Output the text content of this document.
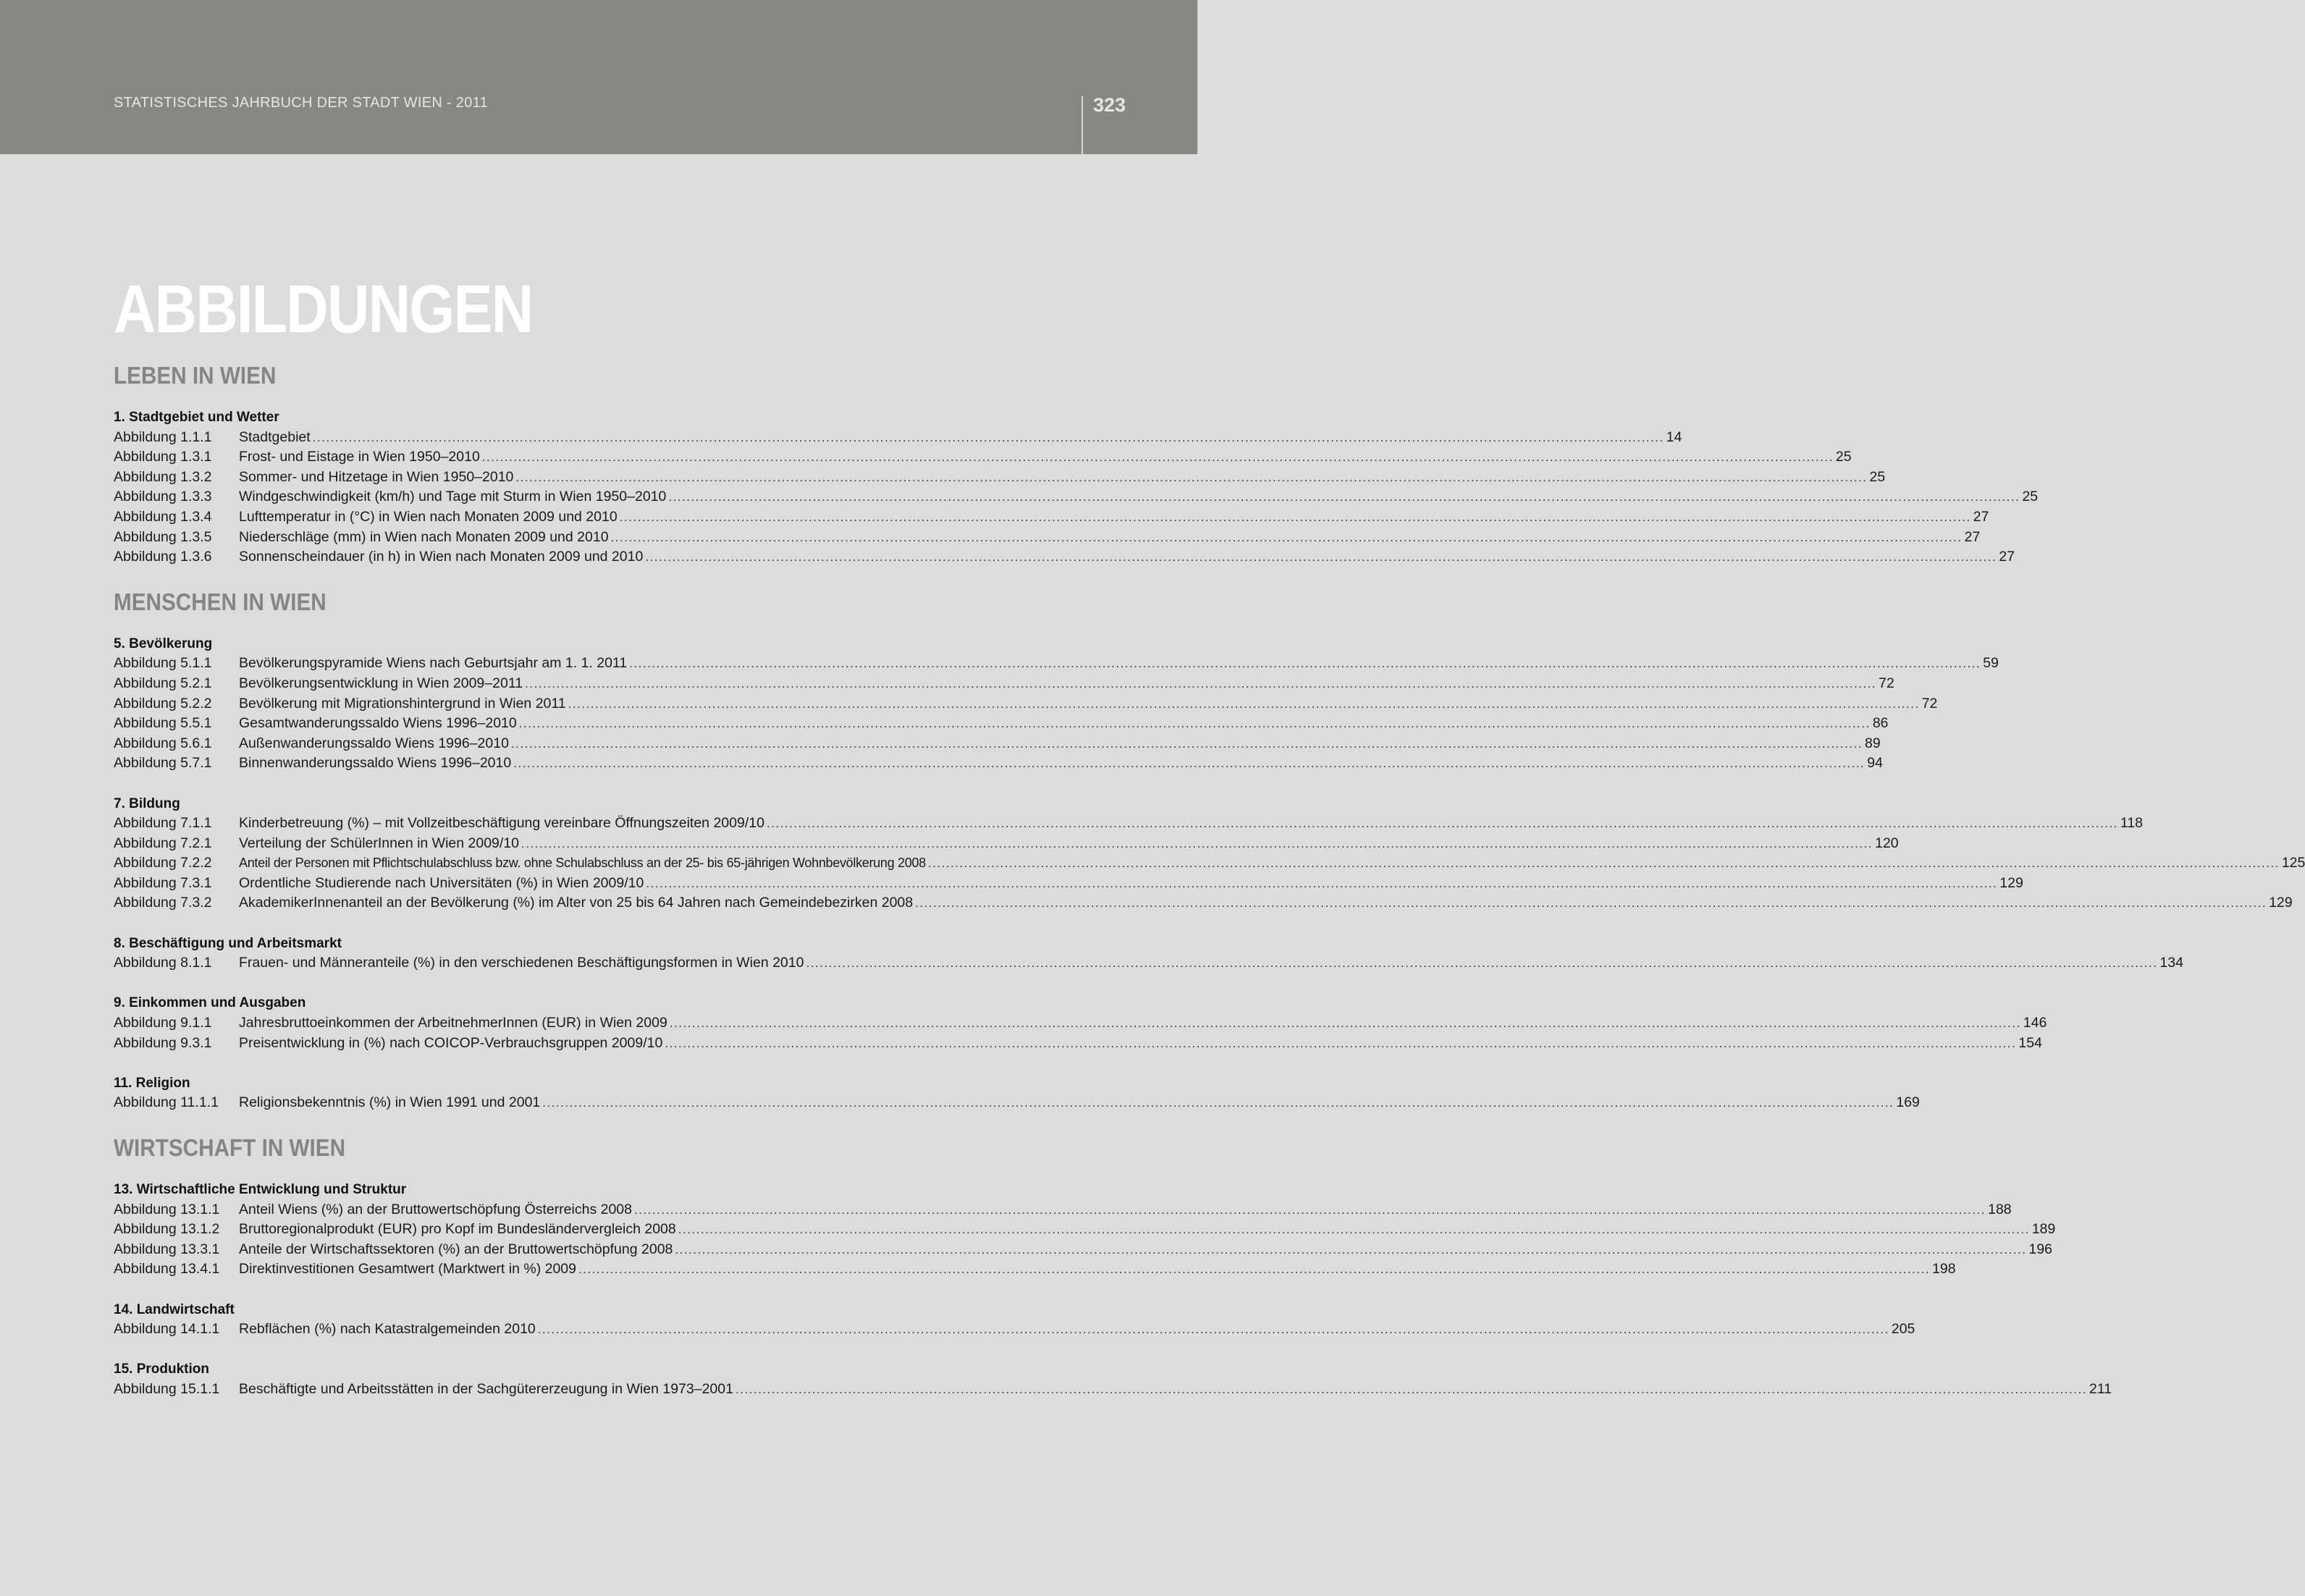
STATISTISCHES JAHRBUCH DER STADT WIEN - 2011	323
ABBILDUNGEN
LEBEN IN WIEN
1. Stadtgebiet und Wetter
Abbildung 1.1.1	Stadtgebiet .....	14
Abbildung 1.3.1	Frost- und Eistage in Wien 1950–2010 .....	25
Abbildung 1.3.2	Sommer- und Hitzetage in Wien 1950–2010 .....	25
Abbildung 1.3.3	Windgeschwindigkeit (km/h) und Tage mit Sturm in Wien 1950–2010 .....	25
Abbildung 1.3.4	Lufttemperatur in (°C) in Wien nach Monaten 2009 und 2010 .....	27
Abbildung 1.3.5	Niederschläge (mm) in Wien nach Monaten 2009 und 2010 .....	27
Abbildung 1.3.6	Sonnenscheindauer (in h) in Wien nach Monaten 2009 und 2010 .....	27
MENSCHEN IN WIEN
5. Bevölkerung
Abbildung 5.1.1	Bevölkerungspyramide Wiens nach Geburtsjahr am 1. 1. 2011 .....	59
Abbildung 5.2.1	Bevölkerungsentwicklung in Wien 2009–2011 .....	72
Abbildung 5.2.2	Bevölkerung mit Migrationshintergrund in Wien 2011 .....	72
Abbildung 5.5.1	Gesamtwanderungssaldo Wiens 1996–2010 .....	86
Abbildung 5.6.1	Außenwanderungssaldo Wiens 1996–2010 .....	89
Abbildung 5.7.1	Binnenwanderungssaldo Wiens 1996–2010 .....	94
7. Bildung
Abbildung 7.1.1	Kinderbetreuung (%) – mit Vollzeitbeschäftigung vereinbare Öffnungszeiten 2009/10 .....	118
Abbildung 7.2.1	Verteilung der SchülerInnen in Wien 2009/10 .....	120
Abbildung 7.2.2	Anteil der Personen mit Pflichtschulabschluss bzw. ohne Schulabschluss an der 25- bis 65-jährigen Wohnbevölkerung 2008 .....	125
Abbildung 7.3.1	Ordentliche Studierende nach Universitäten (%) in Wien 2009/10 .....	129
Abbildung 7.3.2	AkademikerInnenanteil an der Bevölkerung (%) im Alter von 25 bis 64 Jahren nach Gemeindebezirken 2008 .....	129
8. Beschäftigung und Arbeitsmarkt
Abbildung 8.1.1	Frauen- und Männeranteile (%) in den verschiedenen Beschäftigungsformen in Wien 2010 .....	134
9. Einkommen und Ausgaben
Abbildung 9.1.1	Jahresbruttoeinkommen der ArbeitnehmerInnen (EUR) in Wien 2009 .....	146
Abbildung 9.3.1	Preisentwicklung in (%) nach COICOP-Verbrauchsgruppen 2009/10 .....	154
11. Religion
Abbildung 11.1.1	Religionsbekenntnis (%) in Wien 1991 und 2001 .....	169
WIRTSCHAFT IN WIEN
13. Wirtschaftliche Entwicklung und Struktur
Abbildung 13.1.1	Anteil Wiens (%) an der Bruttowertschöpfung Österreichs 2008 .....	188
Abbildung 13.1.2	Bruttoregionalprodukt (EUR) pro Kopf im Bundesländervergleich 2008 .....	189
Abbildung 13.3.1	Anteile der Wirtschaftssektoren (%) an der Bruttowertschöpfung 2008 .....	196
Abbildung 13.4.1	Direktinvestitionen Gesamtwert (Marktwert in %) 2009 .....	198
14. Landwirtschaft
Abbildung 14.1.1	Rebflächen (%) nach Katastralgemeinden 2010 .....	205
15. Produktion
Abbildung 15.1.1	Beschäftigte und Arbeitsstätten in der Sachgütererzeugung in Wien 1973–2001 .....	211
